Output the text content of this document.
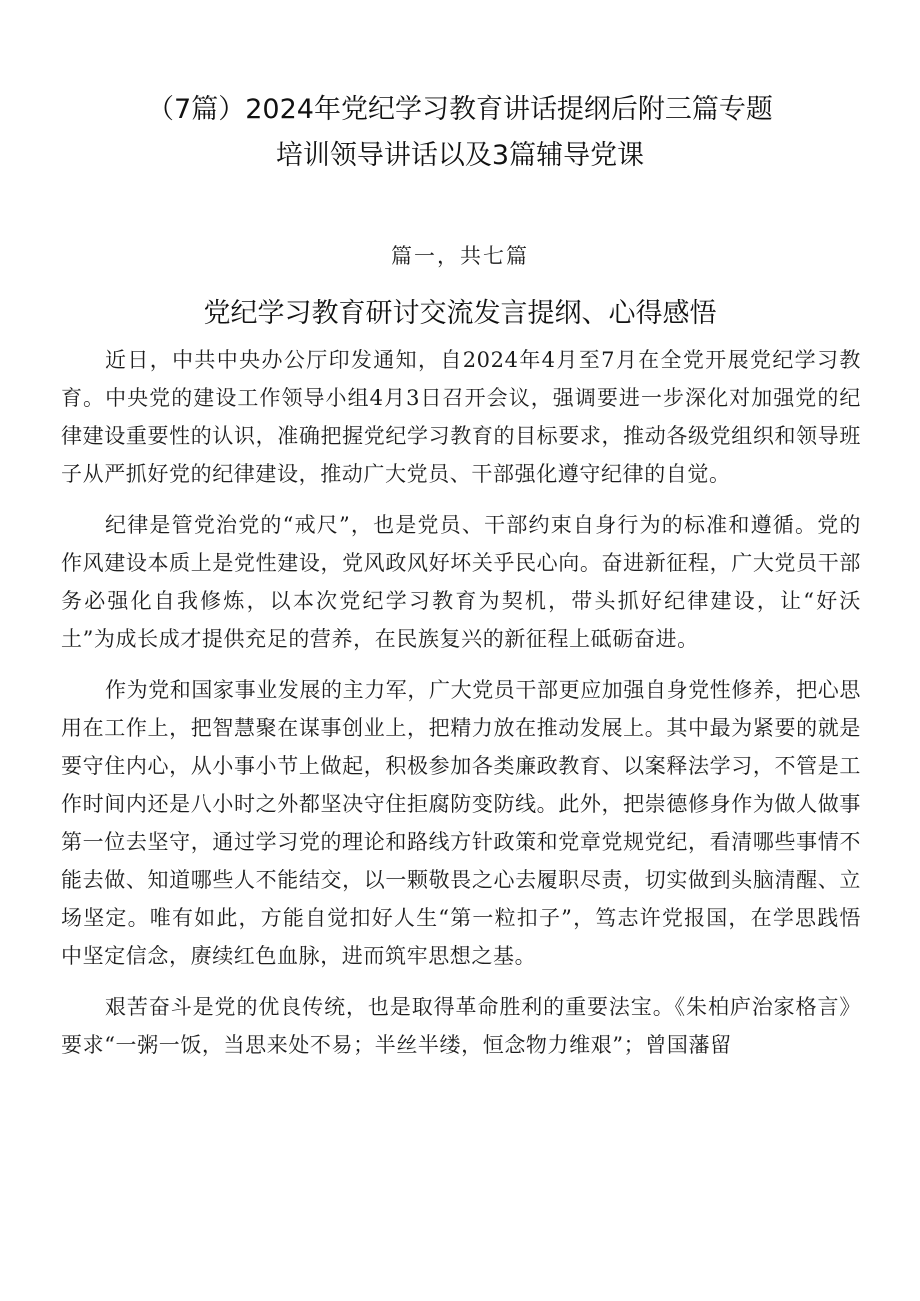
（7篇）2024年党纪学习教育讲话提纲后附三篇专题
培训领导讲话以及3篇辅导党课
篇一，共七篇
党纪学习教育研讨交流发言提纲、心得感悟

近日，中共中央办公厅印发通知，自2024年4月至7月在全党开展党纪学习教育。中央党的建设工作领导小组4月3日召开会议，强调要进一步深化对加强党的纪律建设重要性的认识，准确把握党纪学习教育的目标要求，推动各级党组织和领导班子从严抓好党的纪律建设，推动广大党员、干部强化遵守纪律的自觉。

纪律是管党治党的“戒尺”，也是党员、干部约束自身行为的标准和遵循。党的作风建设本质上是党性建设，党风政风好坏关乎民心向。奋进新征程，广大党员干部务必强化自我修炼，以本次党纪学习教育为契机，带头抓好纪律建设，让“好沃土”为成长成才提供充足的营养，在民族复兴的新征程上砥砺奋进。

作为党和国家事业发展的主力军，广大党员干部更应加强自身党性修养，把心思用在工作上，把智慧聚在谋事创业上，把精力放在推动发展上。其中最为紧要的就是要守住内心，从小事小节上做起，积极参加各类廉政教育、以案释法学习，不管是工作时间内还是八小时之外都坚决守住拒腐防变防线。此外，把崇德修身作为做人做事第一位去坚守，通过学习党的理论和路线方针政策和党章党规党纪，看清哪些事情不能去做、知道哪些人不能结交，以一颗敬畏之心去履职尽责，切实做到头脑清醒、立场坚定。唯有如此，方能自觉扣好人生“第一粒扣子”，笃志许党报国，在学思践悟中坚定信念，赓续红色血脉，进而筑牢思想之基。

艰苦奋斗是党的优良传统，也是取得革命胜利的重要法宝。《朱柏庐治家格言》要求“一粥一饭，当思来处不易；半丝半缕，恒念物力维艰”；曾国藩留
